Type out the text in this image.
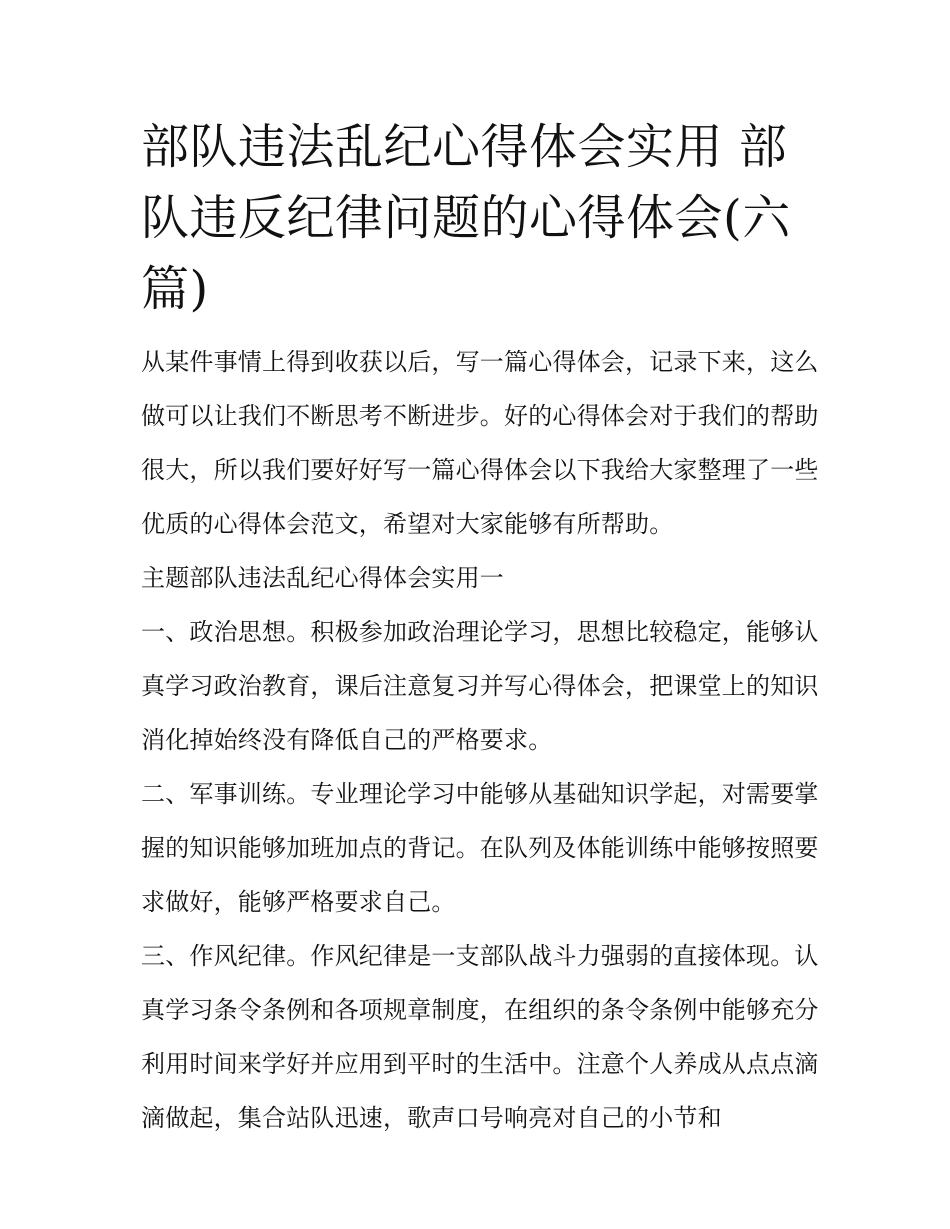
部队违法乱纪心得体会实用 部队违反纪律问题的心得体会(六篇)

从某件事情上得到收获以后，写一篇心得体会，记录下来，这么做可以让我们不断思考不断进步。好的心得体会对于我们的帮助很大，所以我们要好好写一篇心得体会以下我给大家整理了一些优质的心得体会范文，希望对大家能够有所帮助。

主题部队违法乱纪心得体会实用一

一、政治思想。积极参加政治理论学习，思想比较稳定，能够认真学习政治教育，课后注意复习并写心得体会，把课堂上的知识消化掉始终没有降低自己的严格要求。

二、军事训练。专业理论学习中能够从基础知识学起，对需要掌握的知识能够加班加点的背记。在队列及体能训练中能够按照要求做好，能够严格要求自己。

三、作风纪律。作风纪律是一支部队战斗力强弱的直接体现。认真学习条令条例和各项规章制度，在组织的条令条例中能够充分利用时间来学好并应用到平时的生活中。注意个人养成从点点滴滴做起，集合站队迅速，歌声口号响亮对自己的小节和
